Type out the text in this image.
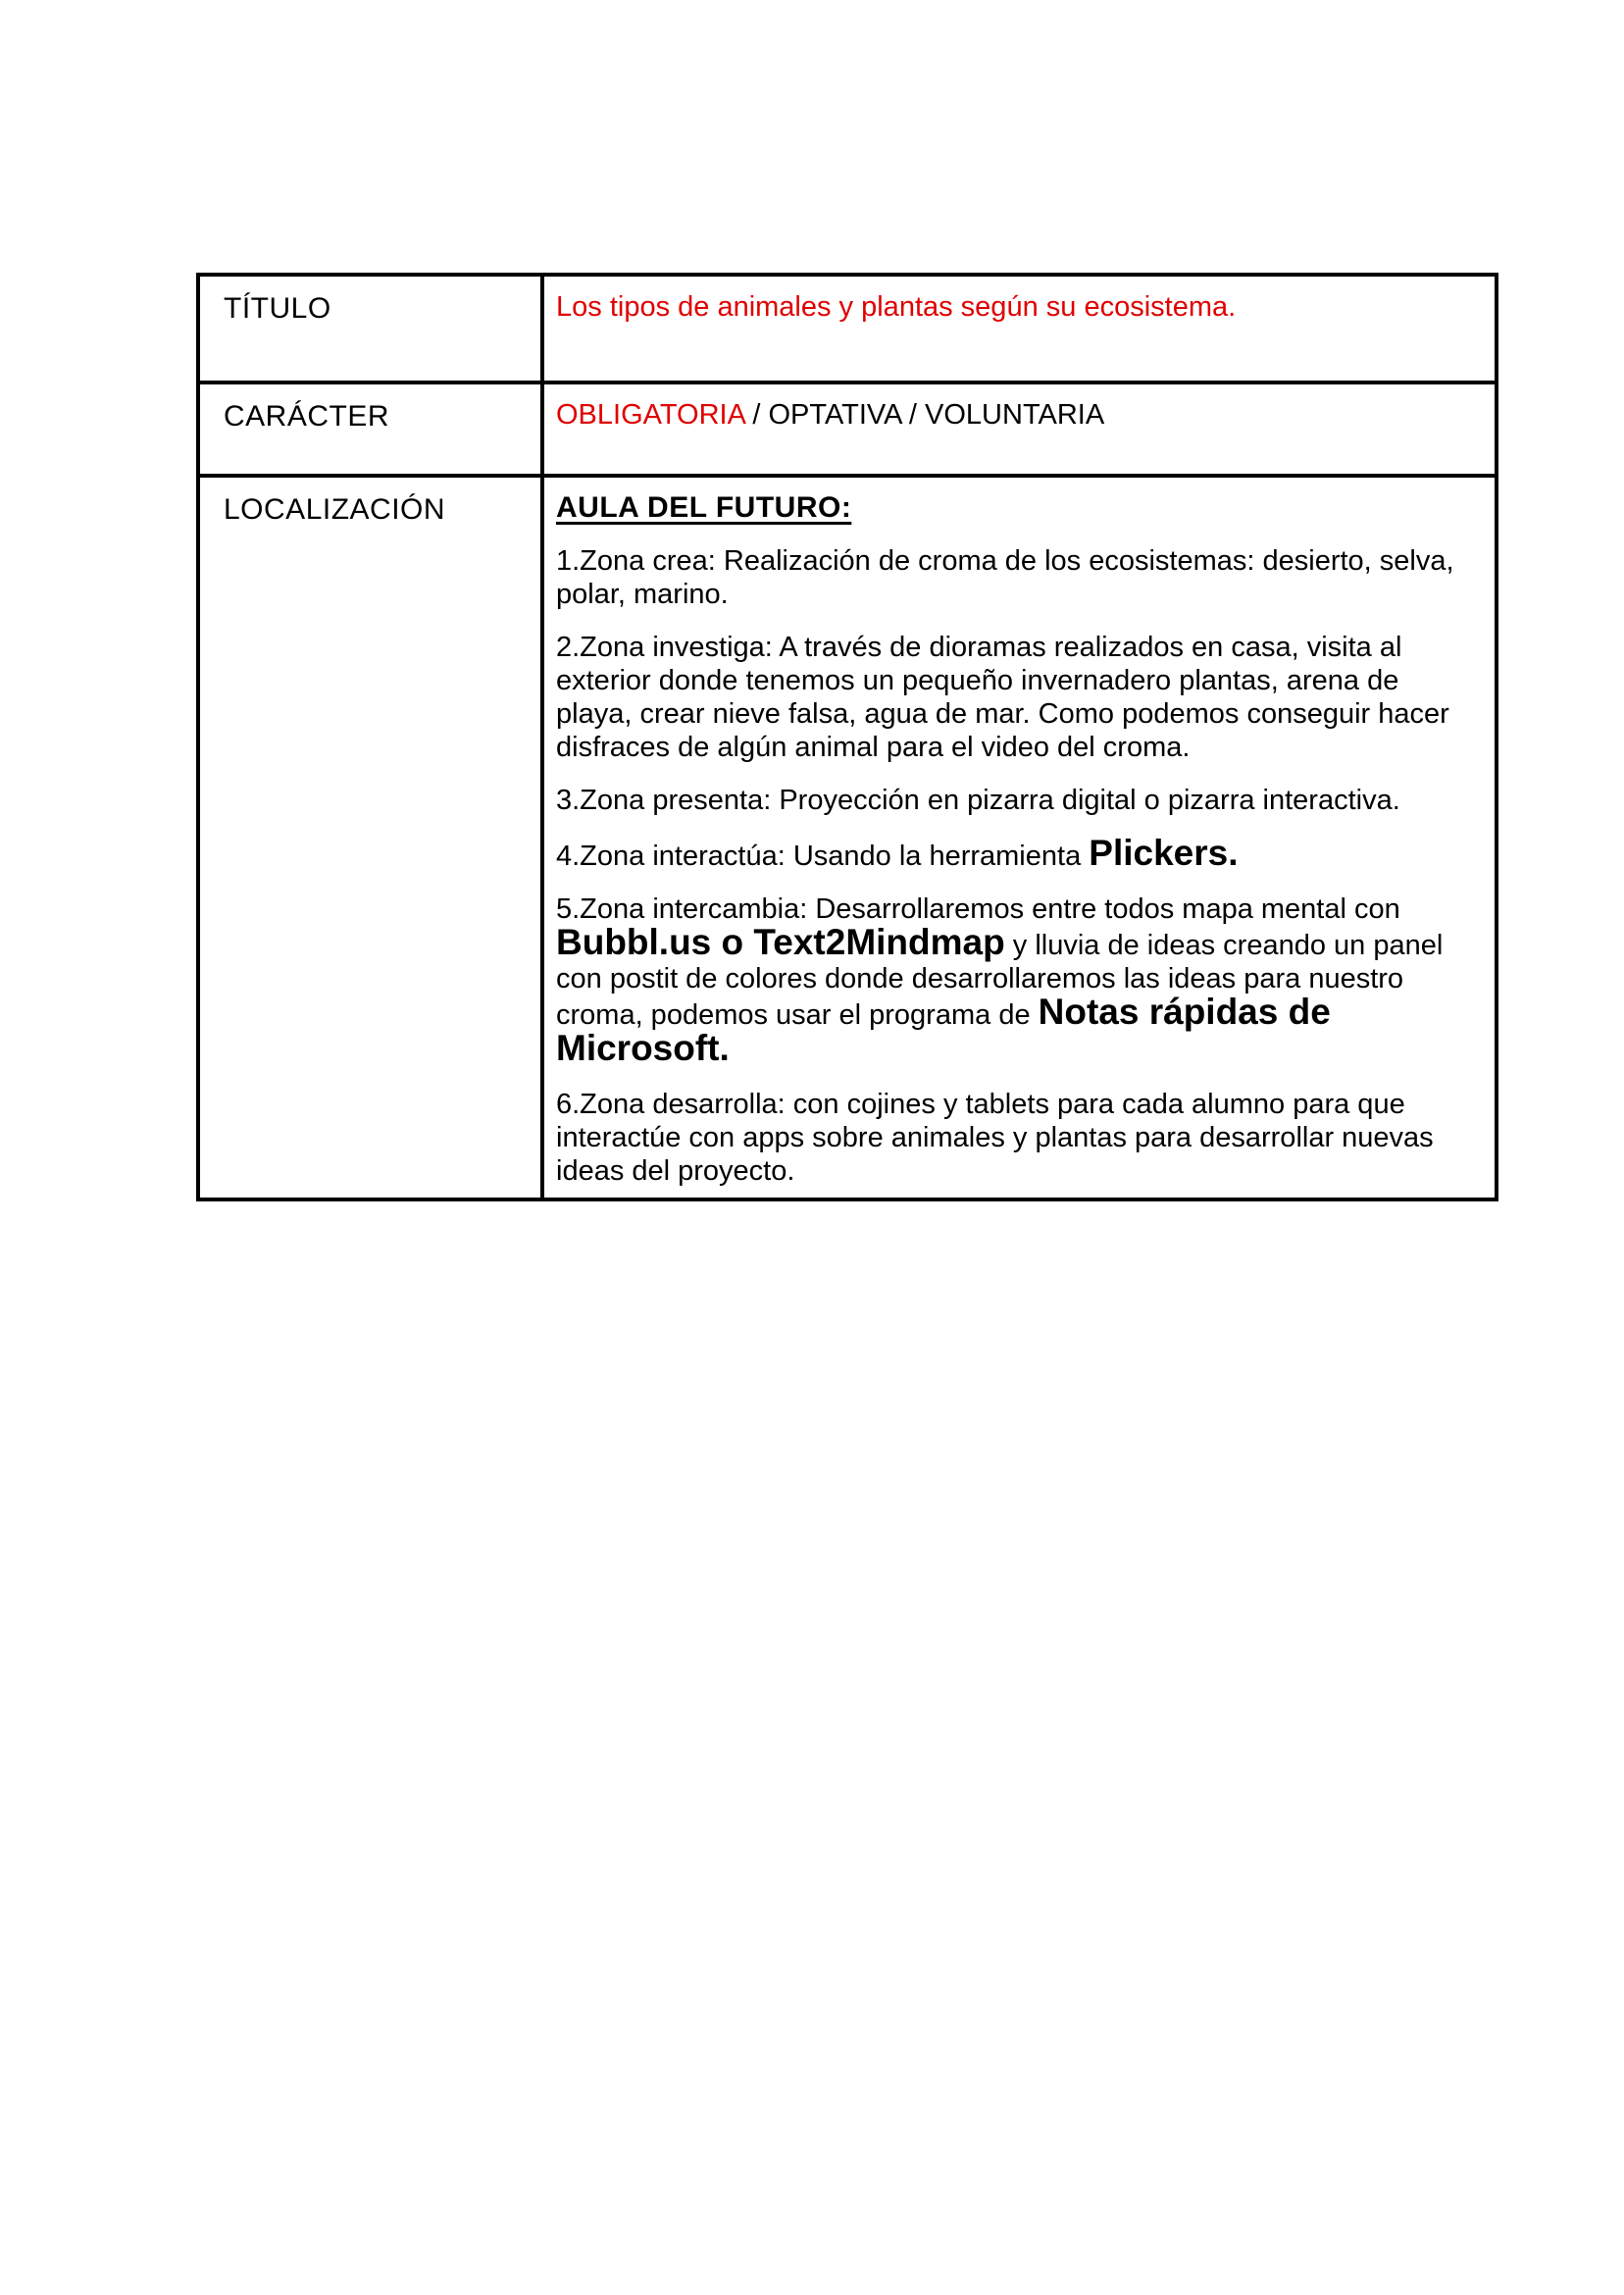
TÍTULO	Los tipos de animales y plantas según su ecosistema.
CARÁCTER	OBLIGATORIA / OPTATIVA / VOLUNTARIA
LOCALIZACIÓN	AULA DEL FUTURO:

1.Zona crea: Realización de croma de los ecosistemas: desierto, selva, polar, marino.

2.Zona investiga: A través de dioramas realizados en casa, visita al exterior donde tenemos un pequeño invernadero plantas, arena de playa, crear nieve falsa, agua de mar. Como podemos conseguir hacer disfraces de algún animal para el video del croma.

3.Zona presenta: Proyección en pizarra digital o pizarra interactiva.

4.Zona interactúa: Usando la herramienta Plickers.

5.Zona intercambia: Desarrollaremos entre todos mapa mental con Bubbl.us o Text2Mindmap y lluvia de ideas creando un panel con postit de colores donde desarrollaremos las ideas para nuestro croma, podemos usar el programa de Notas rápidas de Microsoft.

6.Zona desarrolla: con cojines y tablets para cada alumno para que interactúe con apps sobre animales y plantas para desarrollar nuevas ideas del proyecto.
